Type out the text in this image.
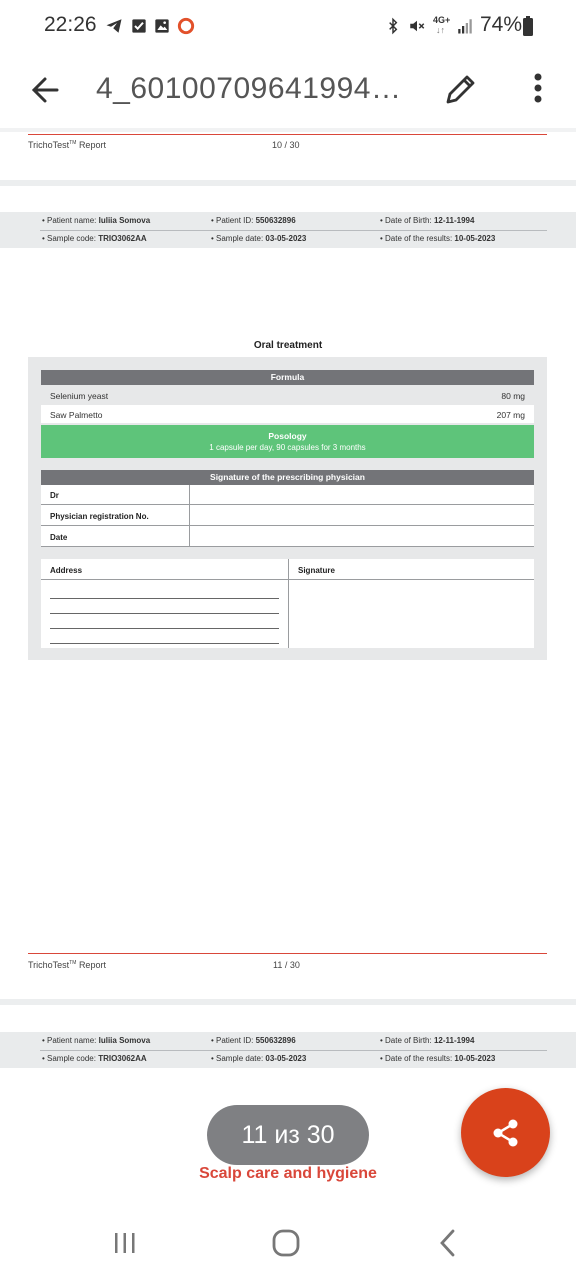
22:26	4G+
↓↑ 74%
4_60100709641994…
TrichoTest™ Report	10 / 30
• Patient name: Iuliia Somova	• Patient ID: 550632896	• Date of Birth: 12-11-1994
• Sample code: TRIO3062AA	• Sample date: 03-05-2023	• Date of the results: 10-05-2023
Oral treatment
Formula
Selenium yeast	80 mg
Saw Palmetto	207 mg
Posology
1 capsule per day, 90 capsules for 3 months
Signature of the prescribing physician
Dr
Physician registration No.
Date
Address	Signature
TrichoTest™ Report	11 / 30
• Patient name: Iuliia Somova	• Patient ID: 550632896	• Date of Birth: 12-11-1994
• Sample code: TRIO3062AA	• Sample date: 03-05-2023	• Date of the results: 10-05-2023
Scalp care and hygiene
11 из 30
